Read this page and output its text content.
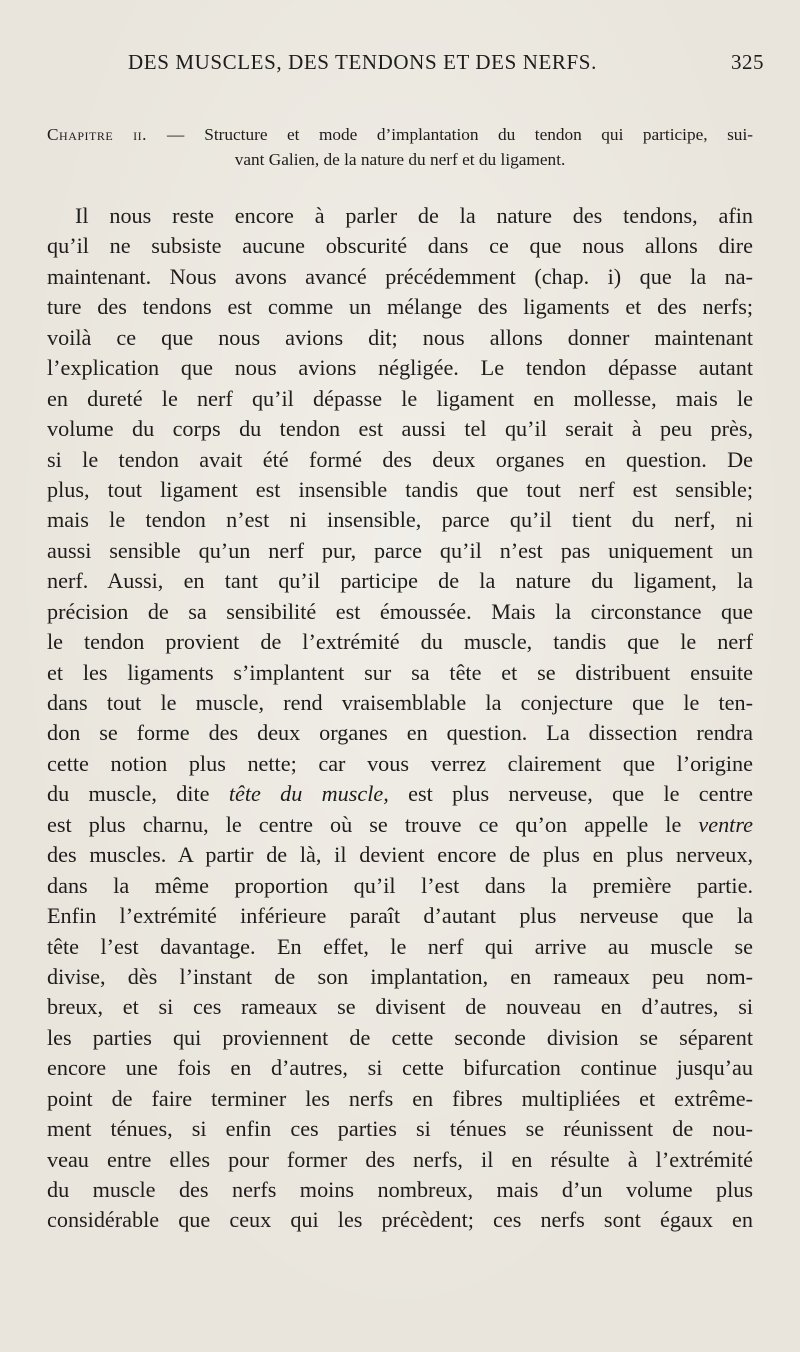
DES MUSCLES, DES TENDONS ET DES NERFS.	325
Chapitre ii. — Structure et mode d’implantation du tendon qui participe, sui-
vant Galien, de la nature du nerf et du ligament.
Il nous reste encore à parler de la nature des tendons, afin
qu’il ne subsiste aucune obscurité dans ce que nous allons dire
maintenant. Nous avons avancé précédemment (chap. i) que la na-
ture des tendons est comme un mélange des ligaments et des nerfs;
voilà ce que nous avions dit; nous allons donner maintenant
l’explication que nous avions négligée. Le tendon dépasse autant
en dureté le nerf qu’il dépasse le ligament en mollesse, mais le
volume du corps du tendon est aussi tel qu’il serait à peu près,
si le tendon avait été formé des deux organes en question. De
plus, tout ligament est insensible tandis que tout nerf est sensible;
mais le tendon n’est ni insensible, parce qu’il tient du nerf, ni
aussi sensible qu’un nerf pur, parce qu’il n’est pas uniquement un
nerf. Aussi, en tant qu’il participe de la nature du ligament, la
précision de sa sensibilité est émoussée. Mais la circonstance que
le tendon provient de l’extrémité du muscle, tandis que le nerf
et les ligaments s’implantent sur sa tête et se distribuent ensuite
dans tout le muscle, rend vraisemblable la conjecture que le ten-
don se forme des deux organes en question. La dissection rendra
cette notion plus nette; car vous verrez clairement que l’origine
du muscle, dite tête du muscle, est plus nerveuse, que le centre
est plus charnu, le centre où se trouve ce qu’on appelle le ventre
des muscles. A partir de là, il devient encore de plus en plus nerveux,
dans la même proportion qu’il l’est dans la première partie.
Enfin l’extrémité inférieure paraît d’autant plus nerveuse que la
tête l’est davantage. En effet, le nerf qui arrive au muscle se
divise, dès l’instant de son implantation, en rameaux peu nom-
breux, et si ces rameaux se divisent de nouveau en d’autres, si
les parties qui proviennent de cette seconde division se séparent
encore une fois en d’autres, si cette bifurcation continue jusqu’au
point de faire terminer les nerfs en fibres multipliées et extrême-
ment ténues, si enfin ces parties si ténues se réunissent de nou-
veau entre elles pour former des nerfs, il en résulte à l’extrémité
du muscle des nerfs moins nombreux, mais d’un volume plus
considérable que ceux qui les précèdent; ces nerfs sont égaux en
